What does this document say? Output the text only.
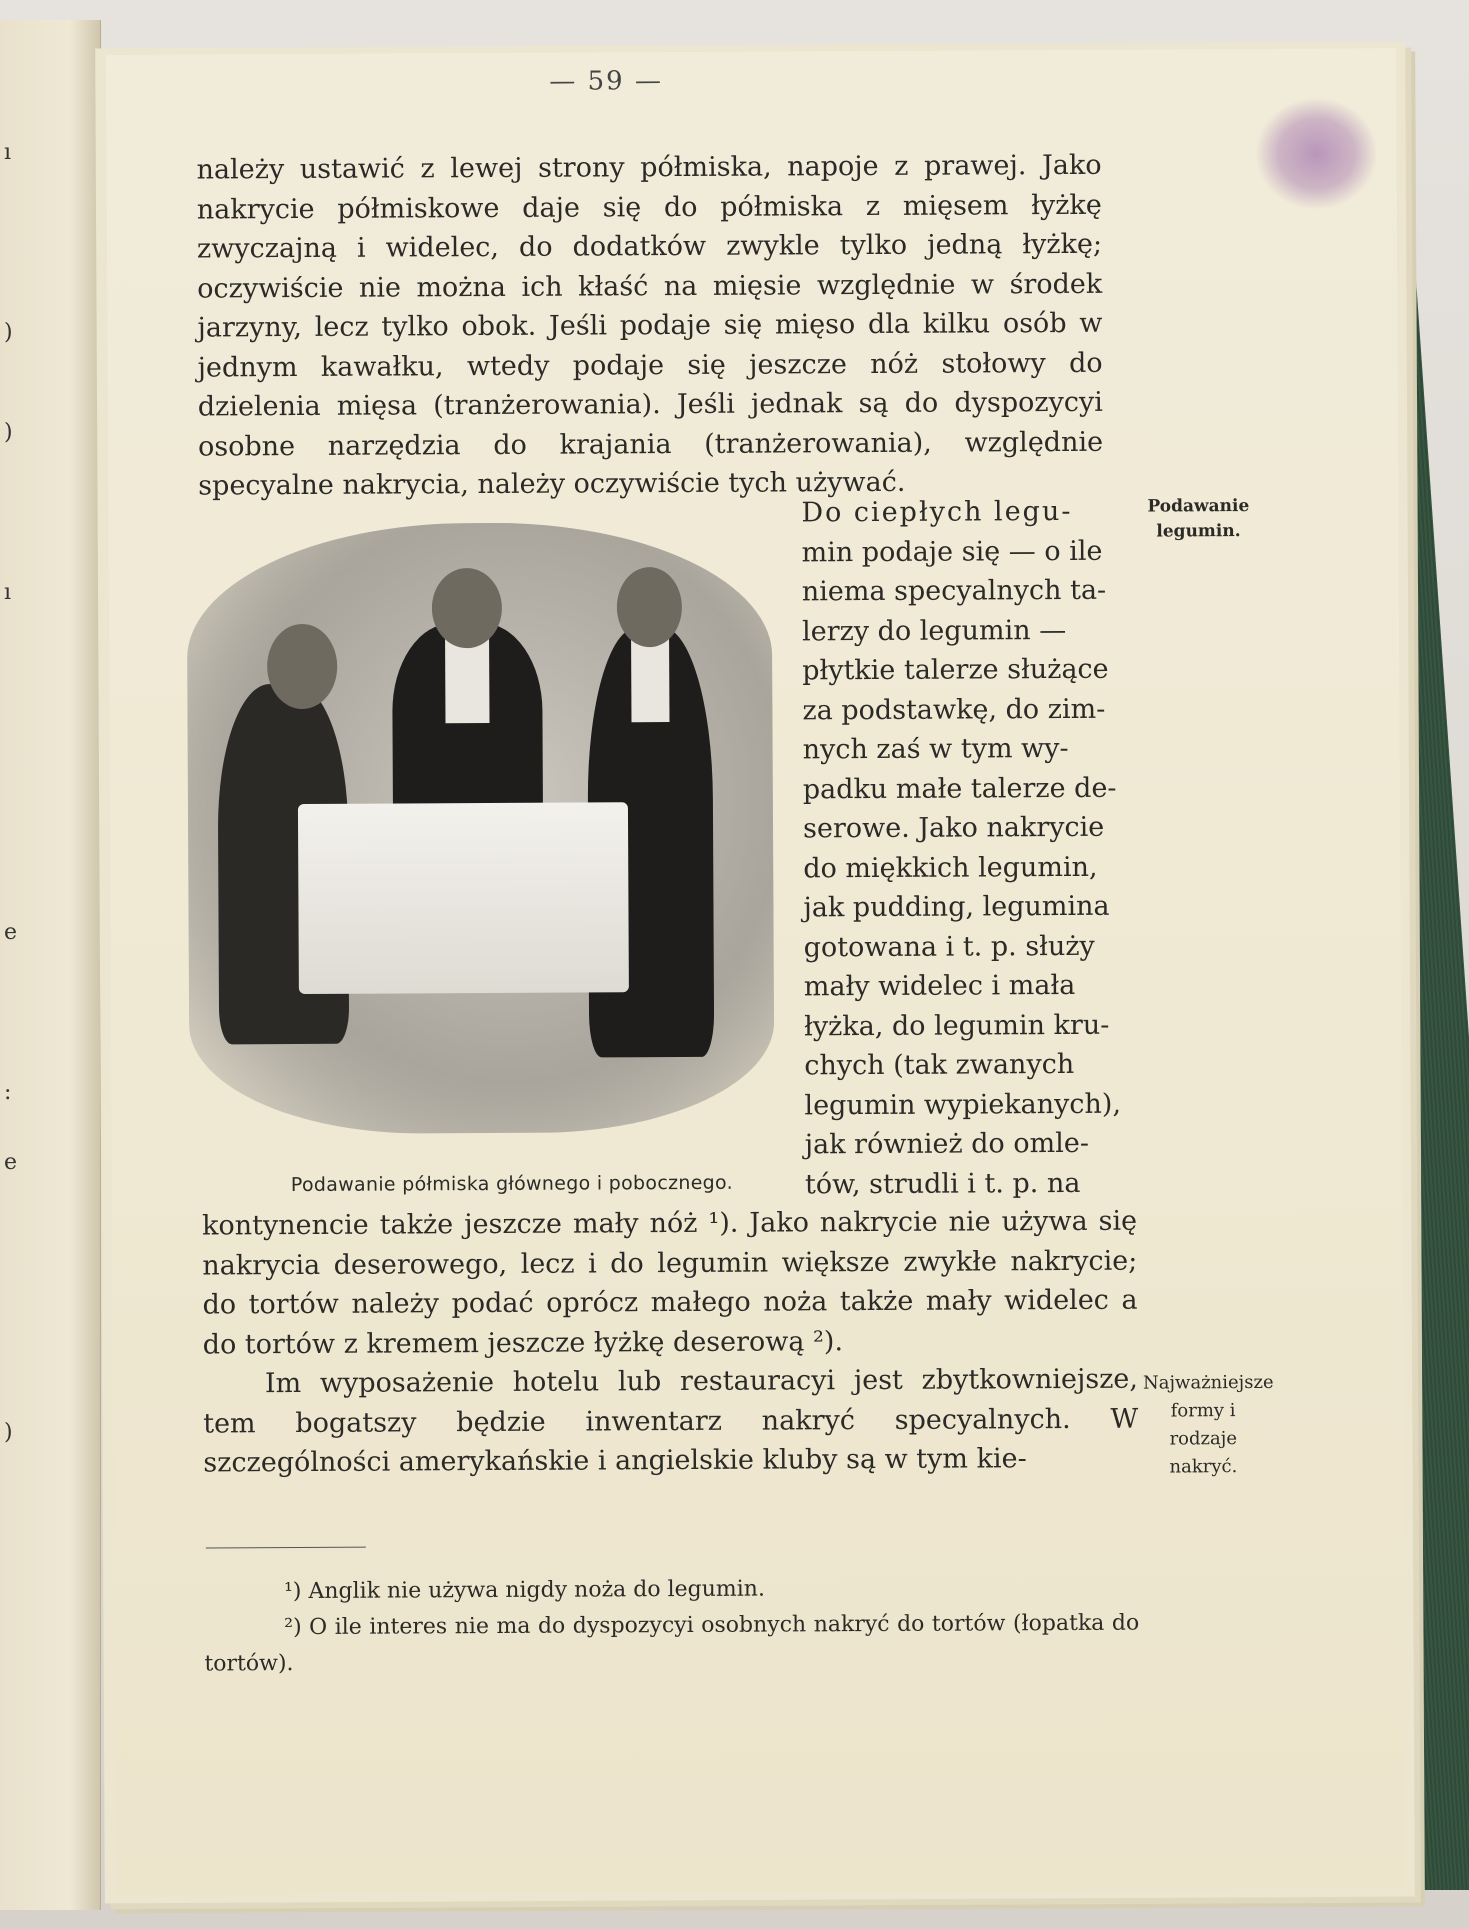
ı
)
)
ı
e
:
e
)
— 59 —

należy ustawić z lewej strony półmiska, napoje z prawej. Jako nakrycie półmiskowe daje się do półmiska z mięsem łyżkę zwyczajną i widelec, do dodatków zwykle tylko jedną łyżkę; oczywiście nie można ich kłaść na mięsie względnie w środek jarzyny, lecz tylko obok. Jeśli podaje się mięso dla kilku osób w jednym kawałku, wtedy podaje się jeszcze nóż stołowy do dzielenia mięsa (tranżerowania). Jeśli jednak są do dyspozycyi osobne narzędzia do krajania (tranżerowania), względnie specyalne nakrycia, należy oczywiście tych używać.

Podawanie półmiska głównego i pobocznego.
Do ciepłych legu-
min podaje się — o ile
niema specyalnych ta-
lerzy do legumin —
płytkie talerze służące
za podstawkę, do zim-
nych zaś w tym wy-
padku małe talerze de-
serowe. Jako nakrycie
do miękkich legumin,
jak pudding, legumina
gotowana i t. p. służy
mały widelec i mała
łyżka, do legumin kru-
chych (tak zwanych
legumin wypiekanych),
jak również do omle-
tów, strudli i t. p. na
Podawanie legumin.

kontynencie także jeszcze mały nóż ¹). Jako nakrycie nie używa się nakrycia deserowego, lecz i do legumin większe zwykłe nakrycie; do tortów należy podać oprócz małego noża także mały widelec a do tortów z kremem jeszcze łyżkę deserową ²).

Im wyposażenie hotelu lub restauracyi jest zbytkowniejsze, tem bogatszy będzie inwentarz nakryć specyalnych. W szczególności amerykańskie i angielskie kluby są w tym kie-

Najważniejsze formy i rodzaje nakryć.

¹) Anglik nie używa nigdy noża do legumin.

²) O ile interes nie ma do dyspozycyi osobnych nakryć do tortów (łopatka do tortów).
